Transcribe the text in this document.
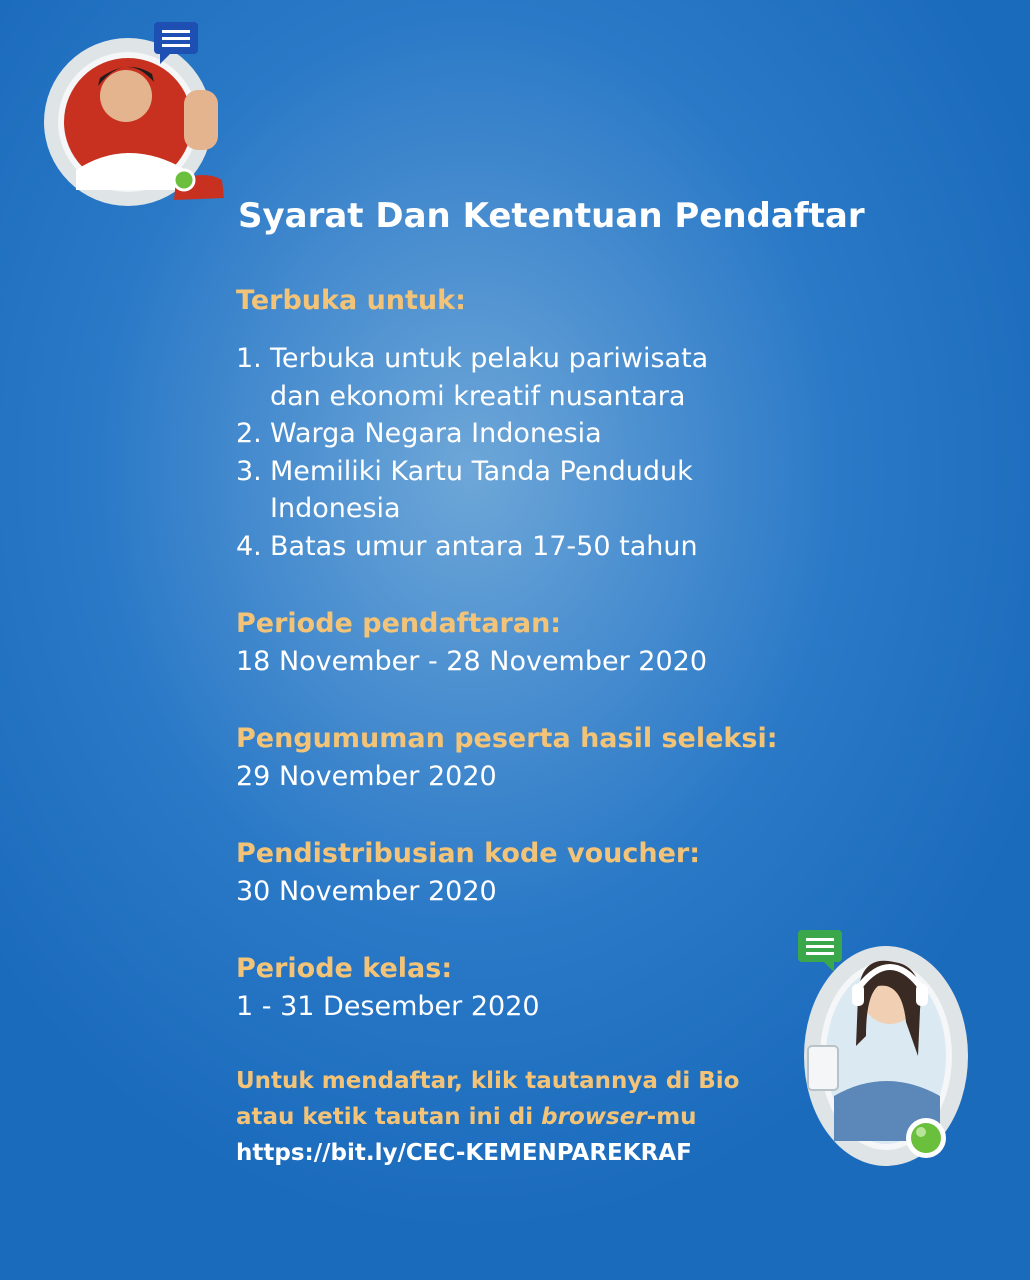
Syarat Dan Ketentuan Pendaftar
Terbuka untuk:
1. Terbuka untuk pelaku pariwisata
dan ekonomi kreatif nusantara
2. Warga Negara Indonesia
3. Memiliki Kartu Tanda Penduduk
Indonesia
4. Batas umur antara 17-50 tahun
Periode pendaftaran:
18 November - 28 November 2020
Pengumuman peserta hasil seleksi:
29 November 2020
Pendistribusian kode voucher:
30 November 2020
Periode kelas:
1 - 31 Desember 2020
Untuk mendaftar, klik tautannya di Bio
atau ketik tautan ini di browser-mu
https://bit.ly/CEC-KEMENPAREKRAF
